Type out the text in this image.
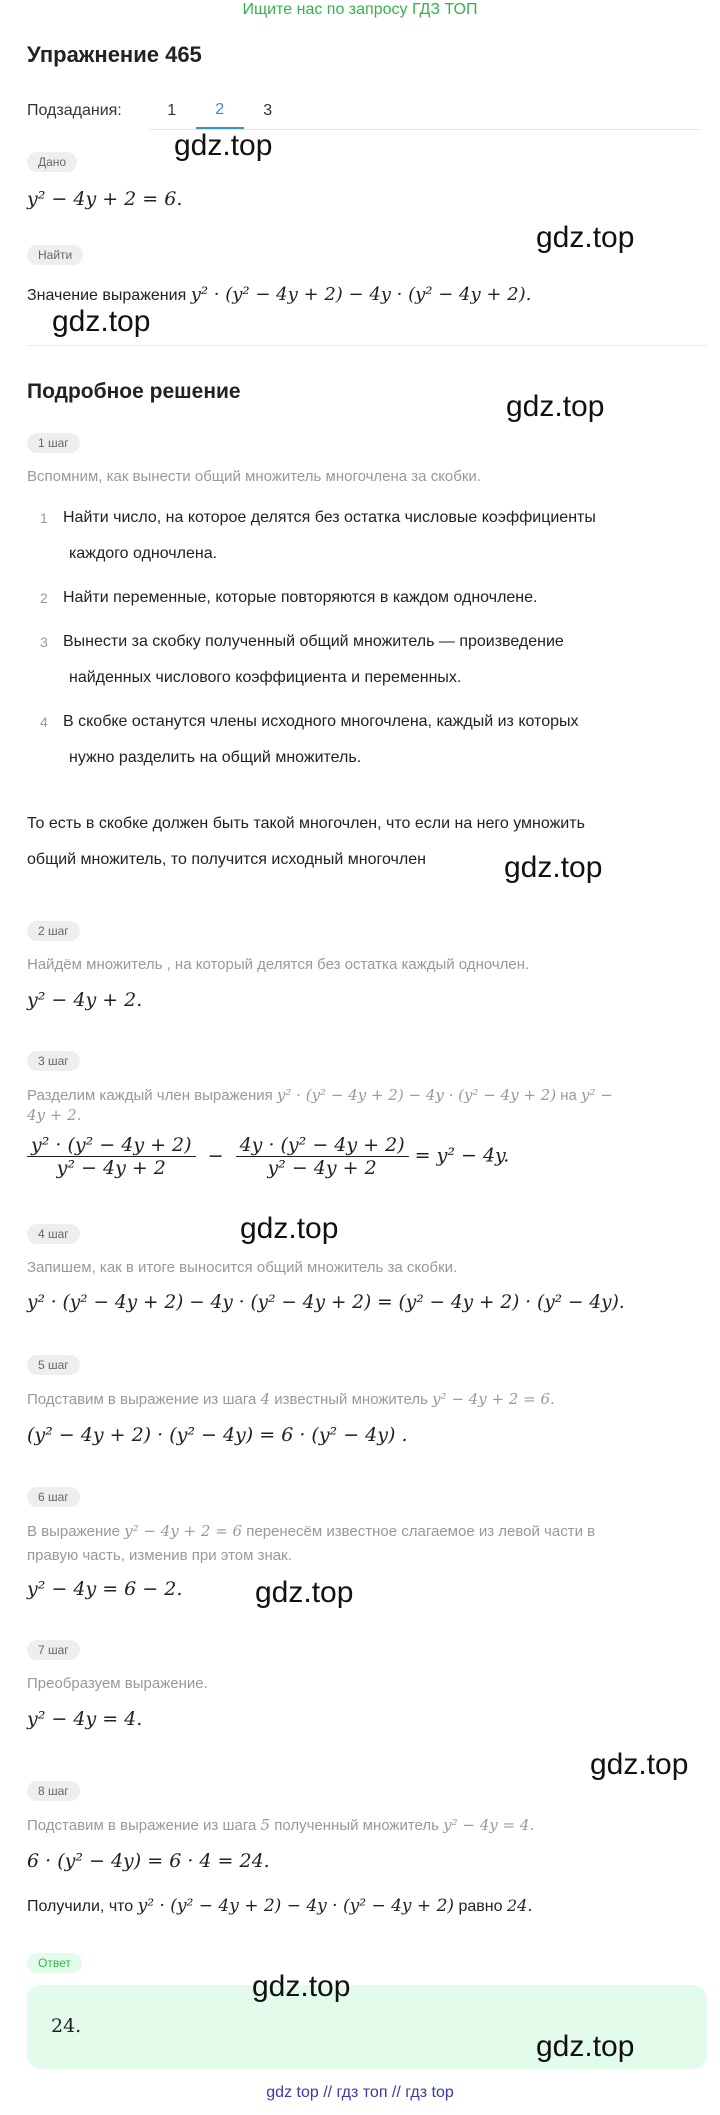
Ищите нас по запросу ГДЗ ТОП
Упражнение 465
Подзадания:	1	2	3
Дано
y² − 4y + 2 = 6.
Найти
Значение выражения y² · (y² − 4y + 2) − 4y · (y² − 4y + 2).
Подробное решение
1 шаг
Вспомним, как вынести общий множитель многочлена за скобки.
1 Найти число, на которое делятся без остатка числовые коэффициенты
каждого одночлена.
2 Найти переменные, которые повторяются в каждом одночлене.
3 Вынести за скобку полученный общий множитель — произведение
найденных числового коэффициента и переменных.
4 В скобке останутся члены исходного многочлена, каждый из которых
нужно разделить на общий множитель.
То есть в скобке должен быть такой многочлен, что если на него умножить
общий множитель, то получится исходный многочлен
2 шаг
Найдём множитель , на который делятся без остатка каждый одночлен.
y² − 4y + 2.
3 шаг
Разделим каждый член выражения y² · (y² − 4y + 2) − 4y · (y² − 4y + 2) на y² −
4y + 2.
$\frac{\text{y² · (y² − 4y + 2)}}{\text{y² − 4y + 2}} - \frac{\text{4y · (y² − 4y + 2)}}{\text{y² − 4y + 2}} = y^2 - 4y$.
4 шаг
Запишем, как в итоге выносится общий множитель за скобки.
y² · (y² − 4y + 2) − 4y · (y² − 4y + 2) = (y² − 4y + 2) · (y² − 4y).
5 шаг
Подставим в выражение из шага 4 известный множитель y² − 4y + 2 = 6.
(y² − 4y + 2) · (y² − 4y) = 6 · (y² − 4y) .
6 шаг
В выражение y² − 4y + 2 = 6 перенесём известное слагаемое из левой части в
правую часть, изменив при этом знак.
y² − 4y = 6 − 2.
7 шаг
Преобразуем выражение.
y² − 4y = 4.
8 шаг
Подставим в выражение из шага 5 полученный множитель y² − 4y = 4.
6 · (y² − 4y) = 6 · 4 = 24.
Получили, что y² · (y² − 4y + 2) − 4y · (y² − 4y + 2) равно 24.
Ответ
24.
gdz.top
gdz.top
gdz.top
gdz.top
gdz.top
gdz.top
gdz.top
gdz.top
gdz.top
gdz.top
gdz top // гдз топ // гдз top
